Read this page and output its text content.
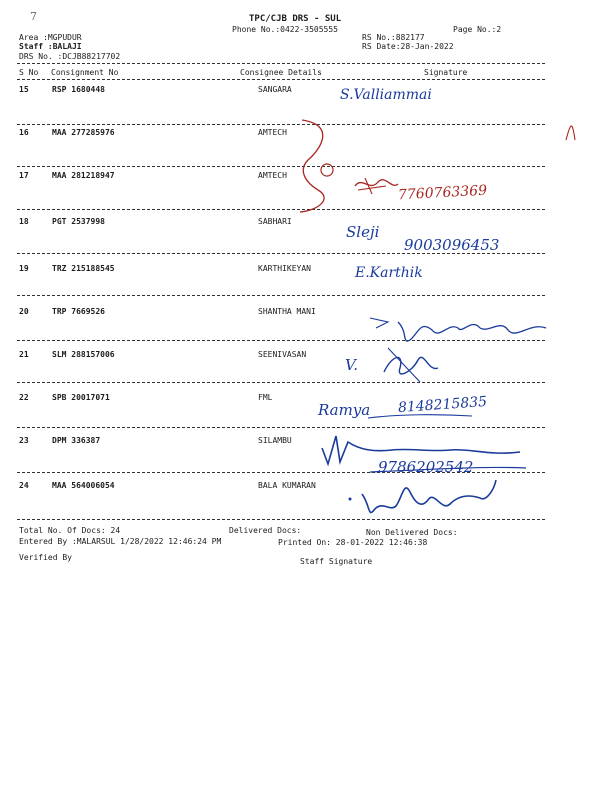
7	TPC/CJB DRS - SUL
Phone No.:0422-3505555	Page No.:2
Area :MGPUDUR	RS No.:882177
Staff :BALAJI	RS Date:28-Jan-2022
DRS No. :DCJB88217702
S No Consignment No	Consignee Details	Signature
15	RSP 1680448	SANGARA	S.Valliammai
16	MAA 277285976	AMTECH
17	MAA 281218947	AMTECH
7760763369
18	PGT 2537998	SABHARI
Sleji
9003096453
19	TRZ 215188545	KARTHIKEYAN	E.Karthik
20	TRP 7669526	SHANTHA MANI
21	SLM 288157006	SEENIVASAN
V.
22	SPB 20017071	FML
Ramya 8148215835
23	DPM 336387	SILAMBU
9786202542
24	MAA 564006054	BALA KUMARAN
Total No. Of Docs: 24	Delivered Docs:	Non Delivered Docs:
Entered By :MALARSUL 1/28/2022 12:46:24 PM	Printed On: 28-01-2022 12:46:38
Verified By	Staff Signature
